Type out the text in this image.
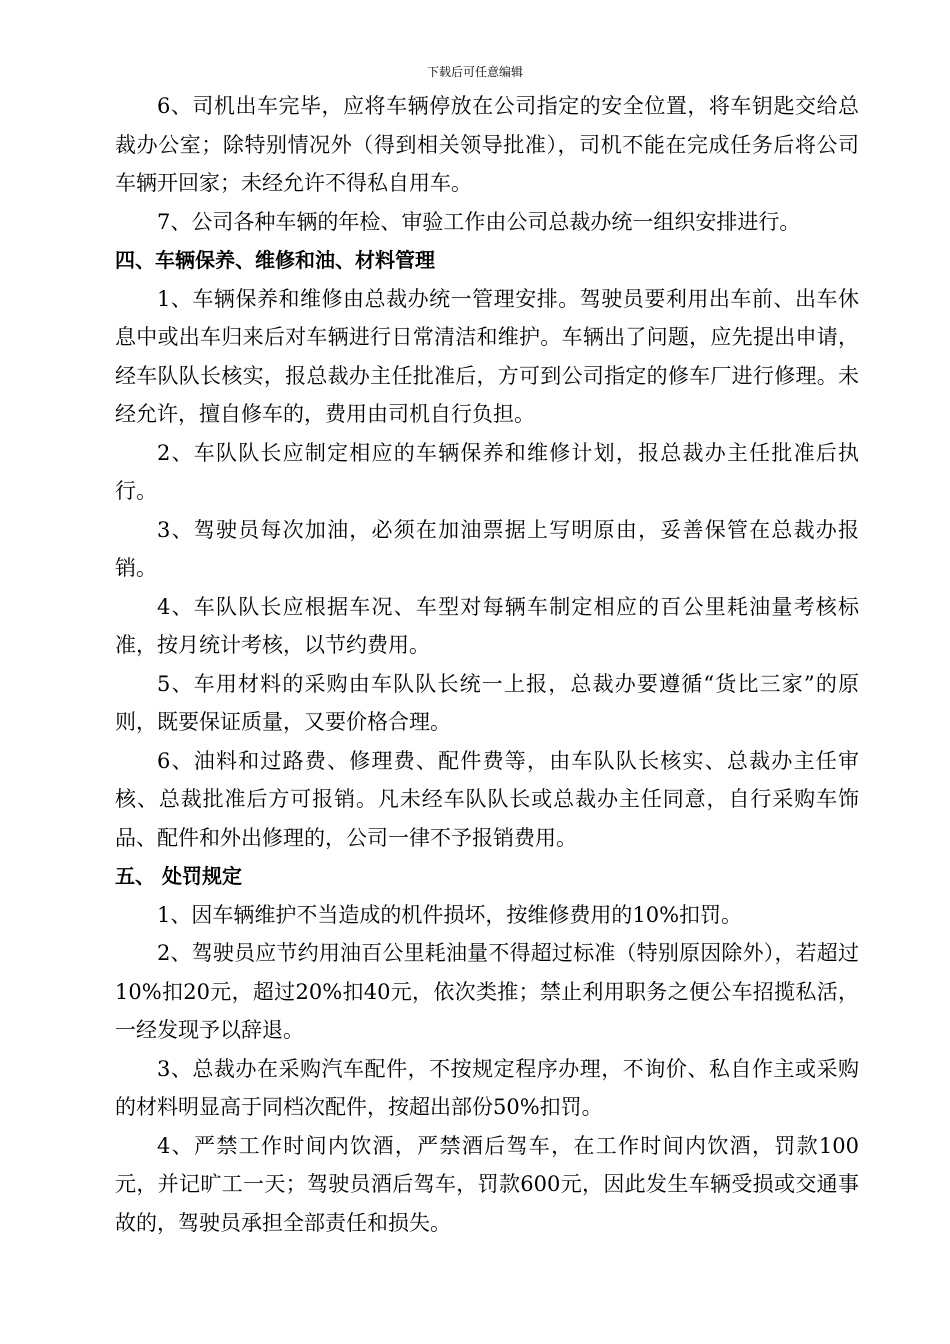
下载后可任意编辑

6、司机出车完毕，应将车辆停放在公司指定的安全位置，将车钥匙交给总裁办公室；除特别情况外（得到相关领导批准），司机不能在完成任务后将公司车辆开回家；未经允许不得私自用车。

7、公司各种车辆的年检、审验工作由公司总裁办统一组织安排进行。

四、车辆保养、维修和油、材料管理

1、车辆保养和维修由总裁办统一管理安排。驾驶员要利用出车前、出车休息中或出车归来后对车辆进行日常清洁和维护。车辆出了问题，应先提出申请，经车队队长核实，报总裁办主任批准后，方可到公司指定的修车厂进行修理。未经允许，擅自修车的，费用由司机自行负担。

2、车队队长应制定相应的车辆保养和维修计划，报总裁办主任批准后执行。

3、驾驶员每次加油，必须在加油票据上写明原由，妥善保管在总裁办报销。

4、车队队长应根据车况、车型对每辆车制定相应的百公里耗油量考核标准，按月统计考核，以节约费用。

5、车用材料的采购由车队队长统一上报，总裁办要遵循“货比三家”的原则，既要保证质量，又要价格合理。

6、油料和过路费、修理费、配件费等，由车队队长核实、总裁办主任审核、总裁批准后方可报销。凡未经车队队长或总裁办主任同意，自行采购车饰品、配件和外出修理的，公司一律不予报销费用。

五、 处罚规定

1、因车辆维护不当造成的机件损坏，按维修费用的10%扣罚。

2、驾驶员应节约用油百公里耗油量不得超过标准（特别原因除外），若超过10%扣20元，超过20%扣40元，依次类推；禁止利用职务之便公车招揽私活，一经发现予以辞退。

3、总裁办在采购汽车配件，不按规定程序办理，不询价、私自作主或采购的材料明显高于同档次配件，按超出部份50%扣罚。

4、严禁工作时间内饮酒，严禁酒后驾车，在工作时间内饮酒，罚款100元，并记旷工一天；驾驶员酒后驾车，罚款600元，因此发生车辆受损或交通事故的，驾驶员承担全部责任和损失。
